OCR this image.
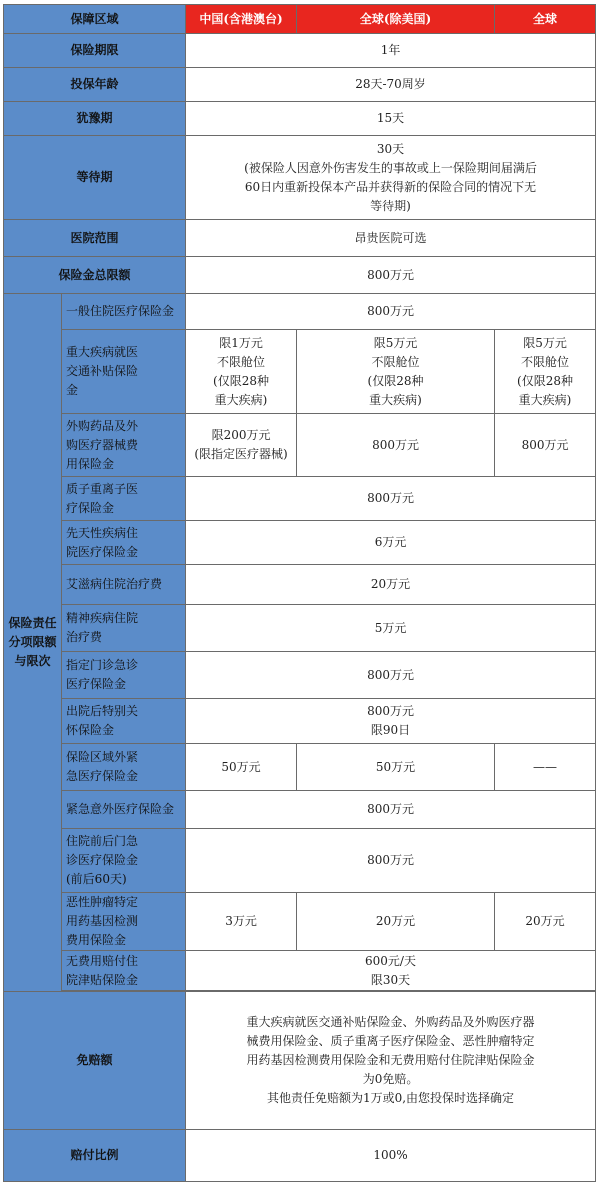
保障区域		中国(含港澳台)	全球(除美国)	全球
保险期限		1年		
投保年龄		28天-70周岁		
犹豫期		15天		
等待期		30天
(被保险人因意外伤害发生的事故或上一保险期间届满后
60日内重新投保本产品并获得新的保险合同的情况下无
等待期)		
医院范围		昂贵医院可选		
保险金总限额		800万元		
保险责任
分项限额
与限次	一般住院医疗保险金	800万元		
	重大疾病就医
交通补贴保险
金	限1万元
不限舱位
(仅限28种
重大疾病)	限5万元
不限舱位
(仅限28种
重大疾病)	限5万元
不限舱位
(仅限28种
重大疾病)
	外购药品及外
购医疗器械费
用保险金	限200万元
(限指定医疗器械)	800万元	800万元
	质子重离子医
疗保险金	800万元		
	先天性疾病住
院医疗保险金	6万元		
	艾滋病住院治疗费	20万元		
	精神疾病住院
治疗费	5万元		
	指定门诊急诊
医疗保险金	800万元		
	出院后特别关
怀保险金	800万元
限90日		
	保险区域外紧
急医疗保险金	50万元	50万元	——
	紧急意外医疗保险金	800万元		
	住院前后门急
诊医疗保险金
(前后60天)	800万元		
	恶性肿瘤特定
用药基因检测
费用保险金	3万元	20万元	20万元
	无费用赔付住
院津贴保险金	600元/天
限30天		

免赔额		重大疾病就医交通补贴保险金、外购药品及外购医疗器
械费用保险金、质子重离子医疗保险金、恶性肿瘤特定
用药基因检测费用保险金和无费用赔付住院津贴保险金
为0免赔。
其他责任免赔额为1万或0,由您投保时选择确定		
赔付比例		100%		
